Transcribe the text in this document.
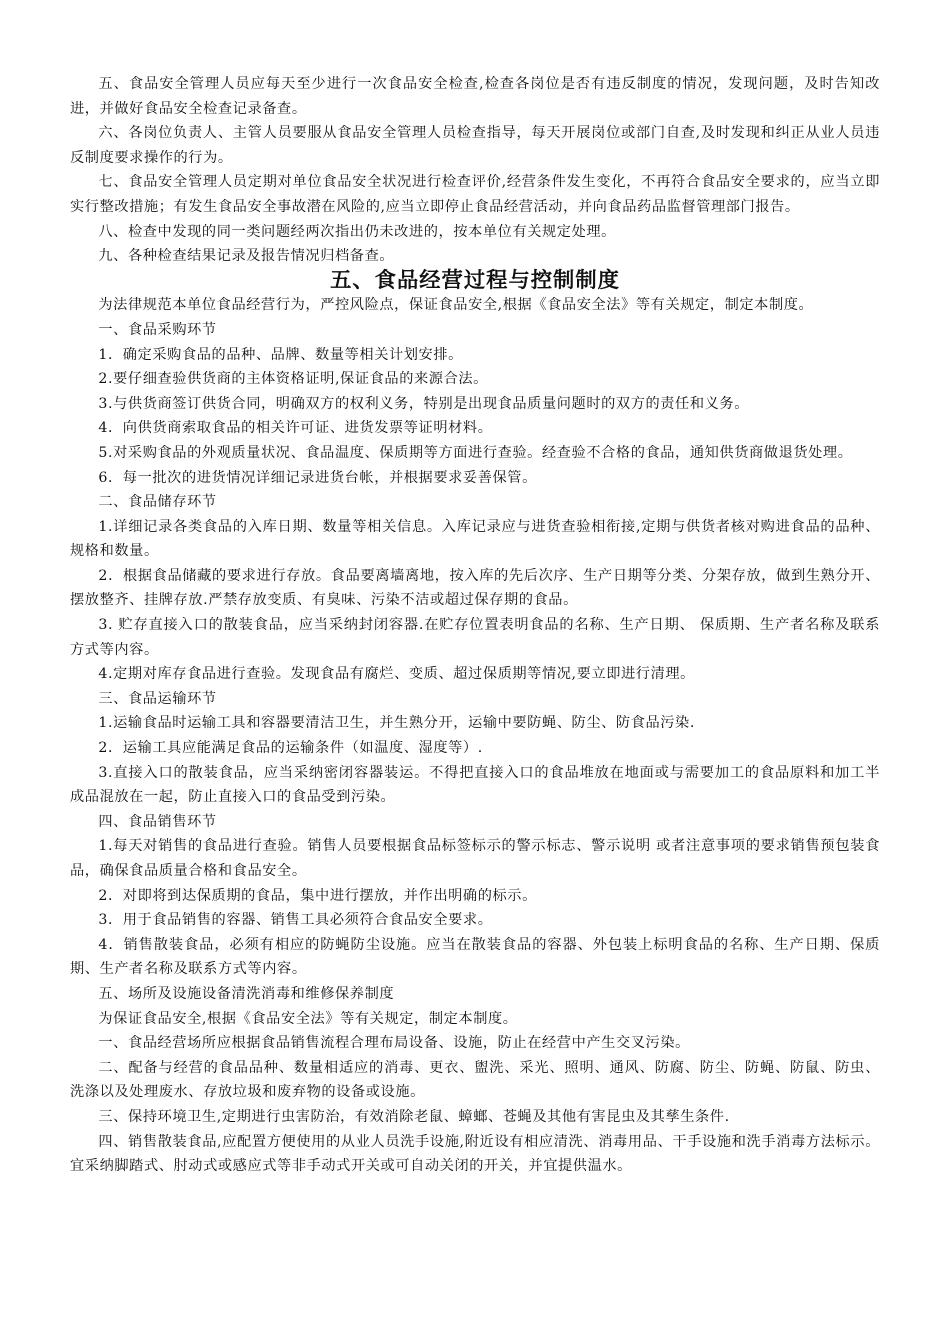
五、食品安全管理人员应每天至少进行一次食品安全检查,检查各岗位是否有违反制度的情况，发现问题，及时告知改进，并做好食品安全检查记录备查。

六、各岗位负责人、主管人员要服从食品安全管理人员检查指导，每天开展岗位或部门自查,及时发现和纠正从业人员违反制度要求操作的行为。

七、食品安全管理人员定期对单位食品安全状况进行检查评价,经营条件发生变化，不再符合食品安全要求的，应当立即实行整改措施；有发生食品安全事故潜在风险的,应当立即停止食品经营活动，并向食品药品监督管理部门报告。

八、检查中发现的同一类问题经两次指出仍未改进的，按本单位有关规定处理。

九、各种检查结果记录及报告情况归档备查。

五、食品经营过程与控制制度

为法律规范本单位食品经营行为，严控风险点，保证食品安全,根据《食品安全法》等有关规定，制定本制度。

一、食品采购环节

1．确定采购食品的品种、品牌、数量等相关计划安排。

2.要仔细查验供货商的主体资格证明,保证食品的来源合法。

3.与供货商签订供货合同，明确双方的权利义务，特别是出现食品质量问题时的双方的责任和义务。

4．向供货商索取食品的相关许可证、进货发票等证明材料。

5.对采购食品的外观质量状况、食品温度、保质期等方面进行查验。经查验不合格的食品，通知供货商做退货处理。

6．每一批次的进货情况详细记录进货台帐，并根据要求妥善保管。

二、食品储存环节

1.详细记录各类食品的入库日期、数量等相关信息。入库记录应与进货查验相衔接,定期与供货者核对购进食品的品种、规格和数量。

2．根据食品储藏的要求进行存放。食品要离墙离地，按入库的先后次序、生产日期等分类、分架存放，做到生熟分开、摆放整齐、挂牌存放.严禁存放变质、有臭味、污染不洁或超过保存期的食品。

3. 贮存直接入口的散装食品，应当采纳封闭容器.在贮存位置表明食品的名称、生产日期、 保质期、生产者名称及联系方式等内容。

4.定期对库存食品进行查验。发现食品有腐烂、变质、超过保质期等情况,要立即进行清理。

三、食品运输环节

1.运输食品时运输工具和容器要清洁卫生，并生熟分开，运输中要防蝇、防尘、防食品污染.

2．运输工具应能满足食品的运输条件（如温度、湿度等）.

3.直接入口的散装食品，应当采纳密闭容器装运。不得把直接入口的食品堆放在地面或与需要加工的食品原料和加工半成品混放在一起，防止直接入口的食品受到污染。

四、食品销售环节

1.每天对销售的食品进行查验。销售人员要根据食品标签标示的警示标志、警示说明 或者注意事项的要求销售预包装食品，确保食品质量合格和食品安全。

2．对即将到达保质期的食品，集中进行摆放，并作出明确的标示。

3．用于食品销售的容器、销售工具必须符合食品安全要求。

4．销售散装食品，必须有相应的防蝇防尘设施。应当在散装食品的容器、外包装上标明食品的名称、生产日期、保质期、生产者名称及联系方式等内容。

五、场所及设施设备清洗消毒和维修保养制度

为保证食品安全,根据《食品安全法》等有关规定，制定本制度。

一、食品经营场所应根据食品销售流程合理布局设备、设施，防止在经营中产生交叉污染。

二、配备与经营的食品品种、数量相适应的消毒、更衣、盥洗、采光、照明、通风、防腐、防尘、防蝇、防鼠、防虫、洗涤以及处理废水、存放垃圾和废弃物的设备或设施。

三、保持环境卫生,定期进行虫害防治，有效消除老鼠、蟑螂、苍蝇及其他有害昆虫及其孳生条件.

四、销售散装食品,应配置方便使用的从业人员洗手设施,附近设有相应清洗、消毒用品、干手设施和洗手消毒方法标示。宜采纳脚踏式、肘动式或感应式等非手动式开关或可自动关闭的开关，并宜提供温水。
